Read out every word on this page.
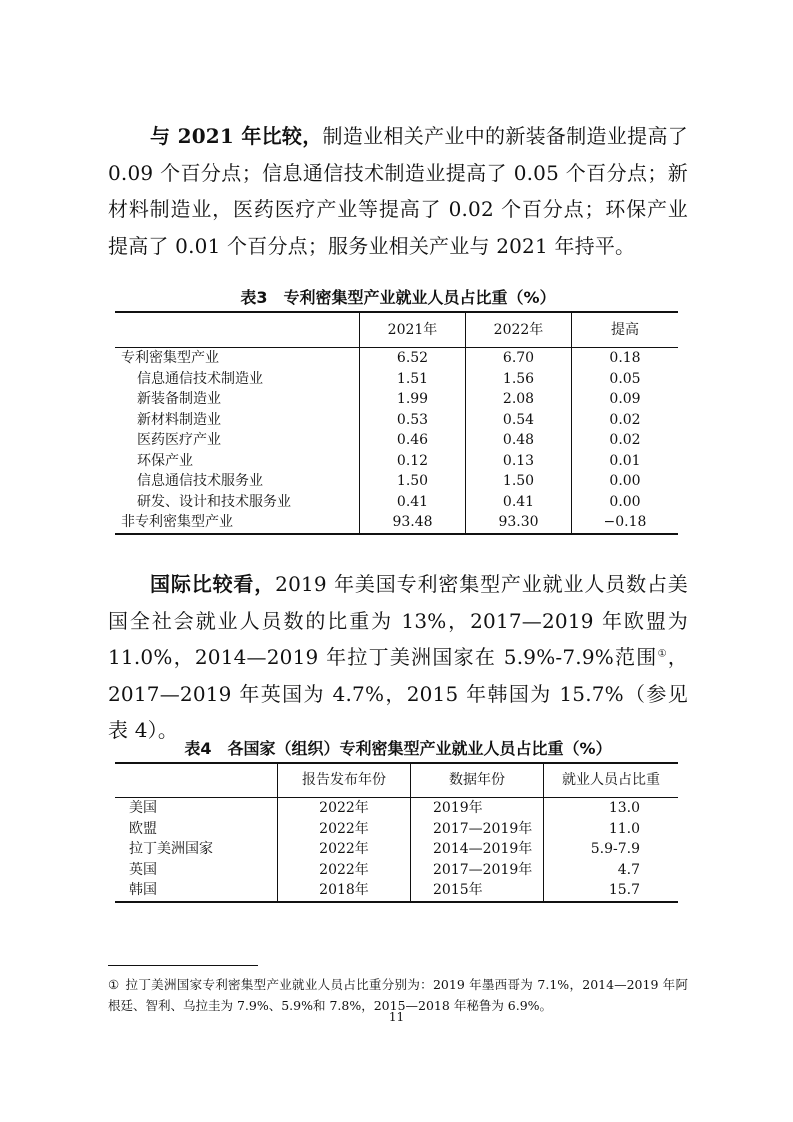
与 2021 年比较，制造业相关产业中的新装备制造业提高了 0.09 个百分点；信息通信技术制造业提高了 0.05 个百分点；新材料制造业，医药医疗产业等提高了 0.02 个百分点；环保产业提高了 0.01 个百分点；服务业相关产业与 2021 年持平。

表3　专利密集型产业就业人员占比重（%）

	2021年	2022年	提高
专利密集型产业	6.52	6.70	0.18
信息通信技术制造业	1.51	1.56	0.05
新装备制造业	1.99	2.08	0.09
新材料制造业	0.53	0.54	0.02
医药医疗产业	0.46	0.48	0.02
环保产业	0.12	0.13	0.01
信息通信技术服务业	1.50	1.50	0.00
研发、设计和技术服务业	0.41	0.41	0.00
非专利密集型产业	93.48	93.30	−0.18

国际比较看，2019 年美国专利密集型产业就业人员数占美国全社会就业人员数的比重为 13%，2017—2019 年欧盟为 11.0%，2014—2019 年拉丁美洲国家在 5.9%-7.9%范围①，2017—2019 年英国为 4.7%，2015 年韩国为 15.7%（参见表 4）。

表4　各国家（组织）专利密集型产业就业人员占比重（%）

	报告发布年份	数据年份	就业人员占比重
美国	2022年	2019年	13.0
欧盟	2022年	2017—2019年	11.0
拉丁美洲国家	2022年	2014—2019年	5.9-7.9
英国	2022年	2017—2019年	4.7
韩国	2018年	2015年	15.7

① 拉丁美洲国家专利密集型产业就业人员占比重分别为：2019 年墨西哥为 7.1%，2014—2019 年阿根廷、智利、乌拉圭为 7.9%、5.9%和 7.8%，2015—2018 年秘鲁为 6.9%。

11
